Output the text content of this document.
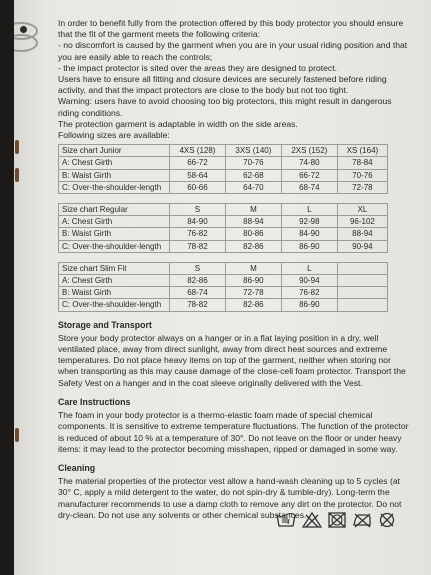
In order to benefit fully from the protection offered by this body protector you should ensure that the fit of the garment meets the following criteria:

- no discomfort is caused by the garment when you are in your usual riding position and that you are easily able to reach the controls;
- the impact protector is sited over the areas they are designed to protect.

Users have to ensure all fitting and closure devices are securely fastened before riding activity, and that the impact protectors are close to the body but not too tight.

Warning: users have to avoid choosing too big protectors, this might result in dangerous riding conditions.

The protection garment is adaptable in width on the side areas.

Following sizes are available:

Size chart Junior	4XS (128)	3XS (140)	2XS (152)	XS (164)
A: Chest Girth	66-72	70-76	74-80	78-84
B: Waist Girth	58-64	62-68	66-72	70-76
C: Over-the-shoulder-length	60-66	64-70	68-74	72-78

Size chart Regular	S	M	L	XL
A: Chest Girth	84-90	88-94	92-98	96-102
B: Waist Girth	76-82	80-86	84-90	88-94
C: Over-the-shoulder-length	78-82	82-86	86-90	90-94

Size chart Slim Fit	S	M	L	
A: Chest Girth	82-86	86-90	90-94	
B: Waist Girth	68-74	72-78	76-82	
C: Over-the-shoulder-length	78-82	82-86	86-90	
Storage and Transport

Store your body protector always on a hanger or in a flat laying position in a dry, well ventilated place, away from direct sunlight, away from direct heat sources and extreme temperatures. Do not place heavy items on top of the garment, neither when storing nor when transporting as this may cause damage of the close-cell foam protector. Transport the Safety Vest on a hanger and in the coat sleeve originally delivered with the Vest.

Care Instructions

The foam in your body protector is a thermo-elastic foam made of special chemical components. It is sensitive to extreme temperature fluctuations. The function of the protector is reduced of about 10 % at a temperature of 30°. Do not leave on the floor or under heavy items: it may lead to the protector becoming misshapen, ripped or damaged in some way.

Cleaning

The material properties of the protector vest allow a hand-wash cleaning up to 5 cycles (at 30° C, apply a mild detergent to the water, do not spin-dry & tumble-dry). Long-term the manufacturer recommends to use a damp cloth to remove any dirt on the protector. Do not dry-clean. Do not use any solvents or other chemical substances.
